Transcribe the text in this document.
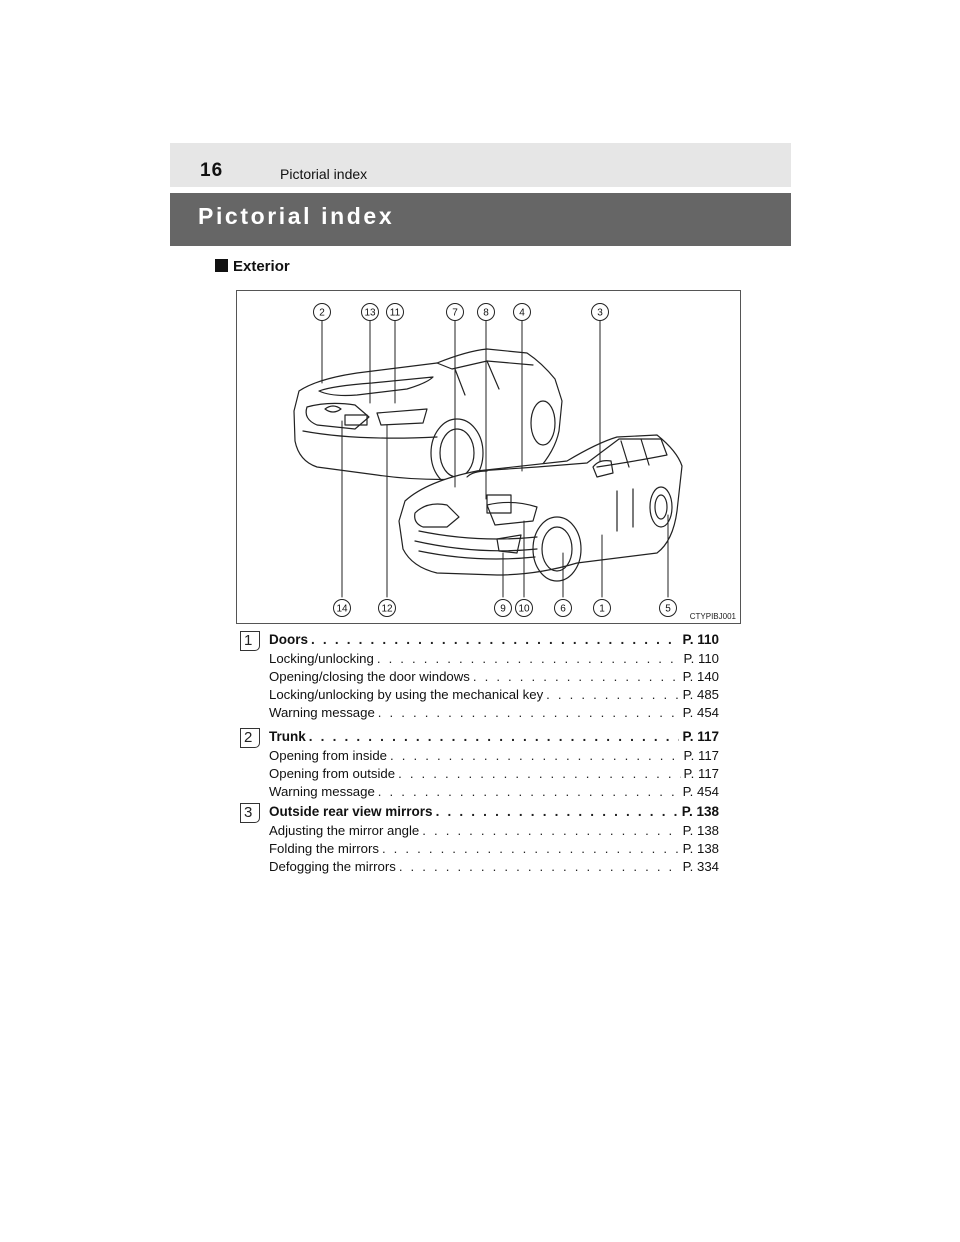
16	Pictorial index
Pictorial index
Exterior
2	13 11	7	8	4	3
14	12	9 10	6	1	5
CTYPIBJ001
1	Doors . . .	P. 110
Locking/unlocking . . .	P. 110
Opening/closing the door windows . . .	P. 140
Locking/unlocking by using the mechanical key . . .	P. 485
Warning message . . .	P. 454
2	Trunk . . .	P. 117
Opening from inside . . .	P. 117
Opening from outside . . .	P. 117
Warning message . . .	P. 454
3	Outside rear view mirrors . . .	P. 138
Adjusting the mirror angle . . .	P. 138
Folding the mirrors . . .	P. 138
Defogging the mirrors . . .	P. 334
